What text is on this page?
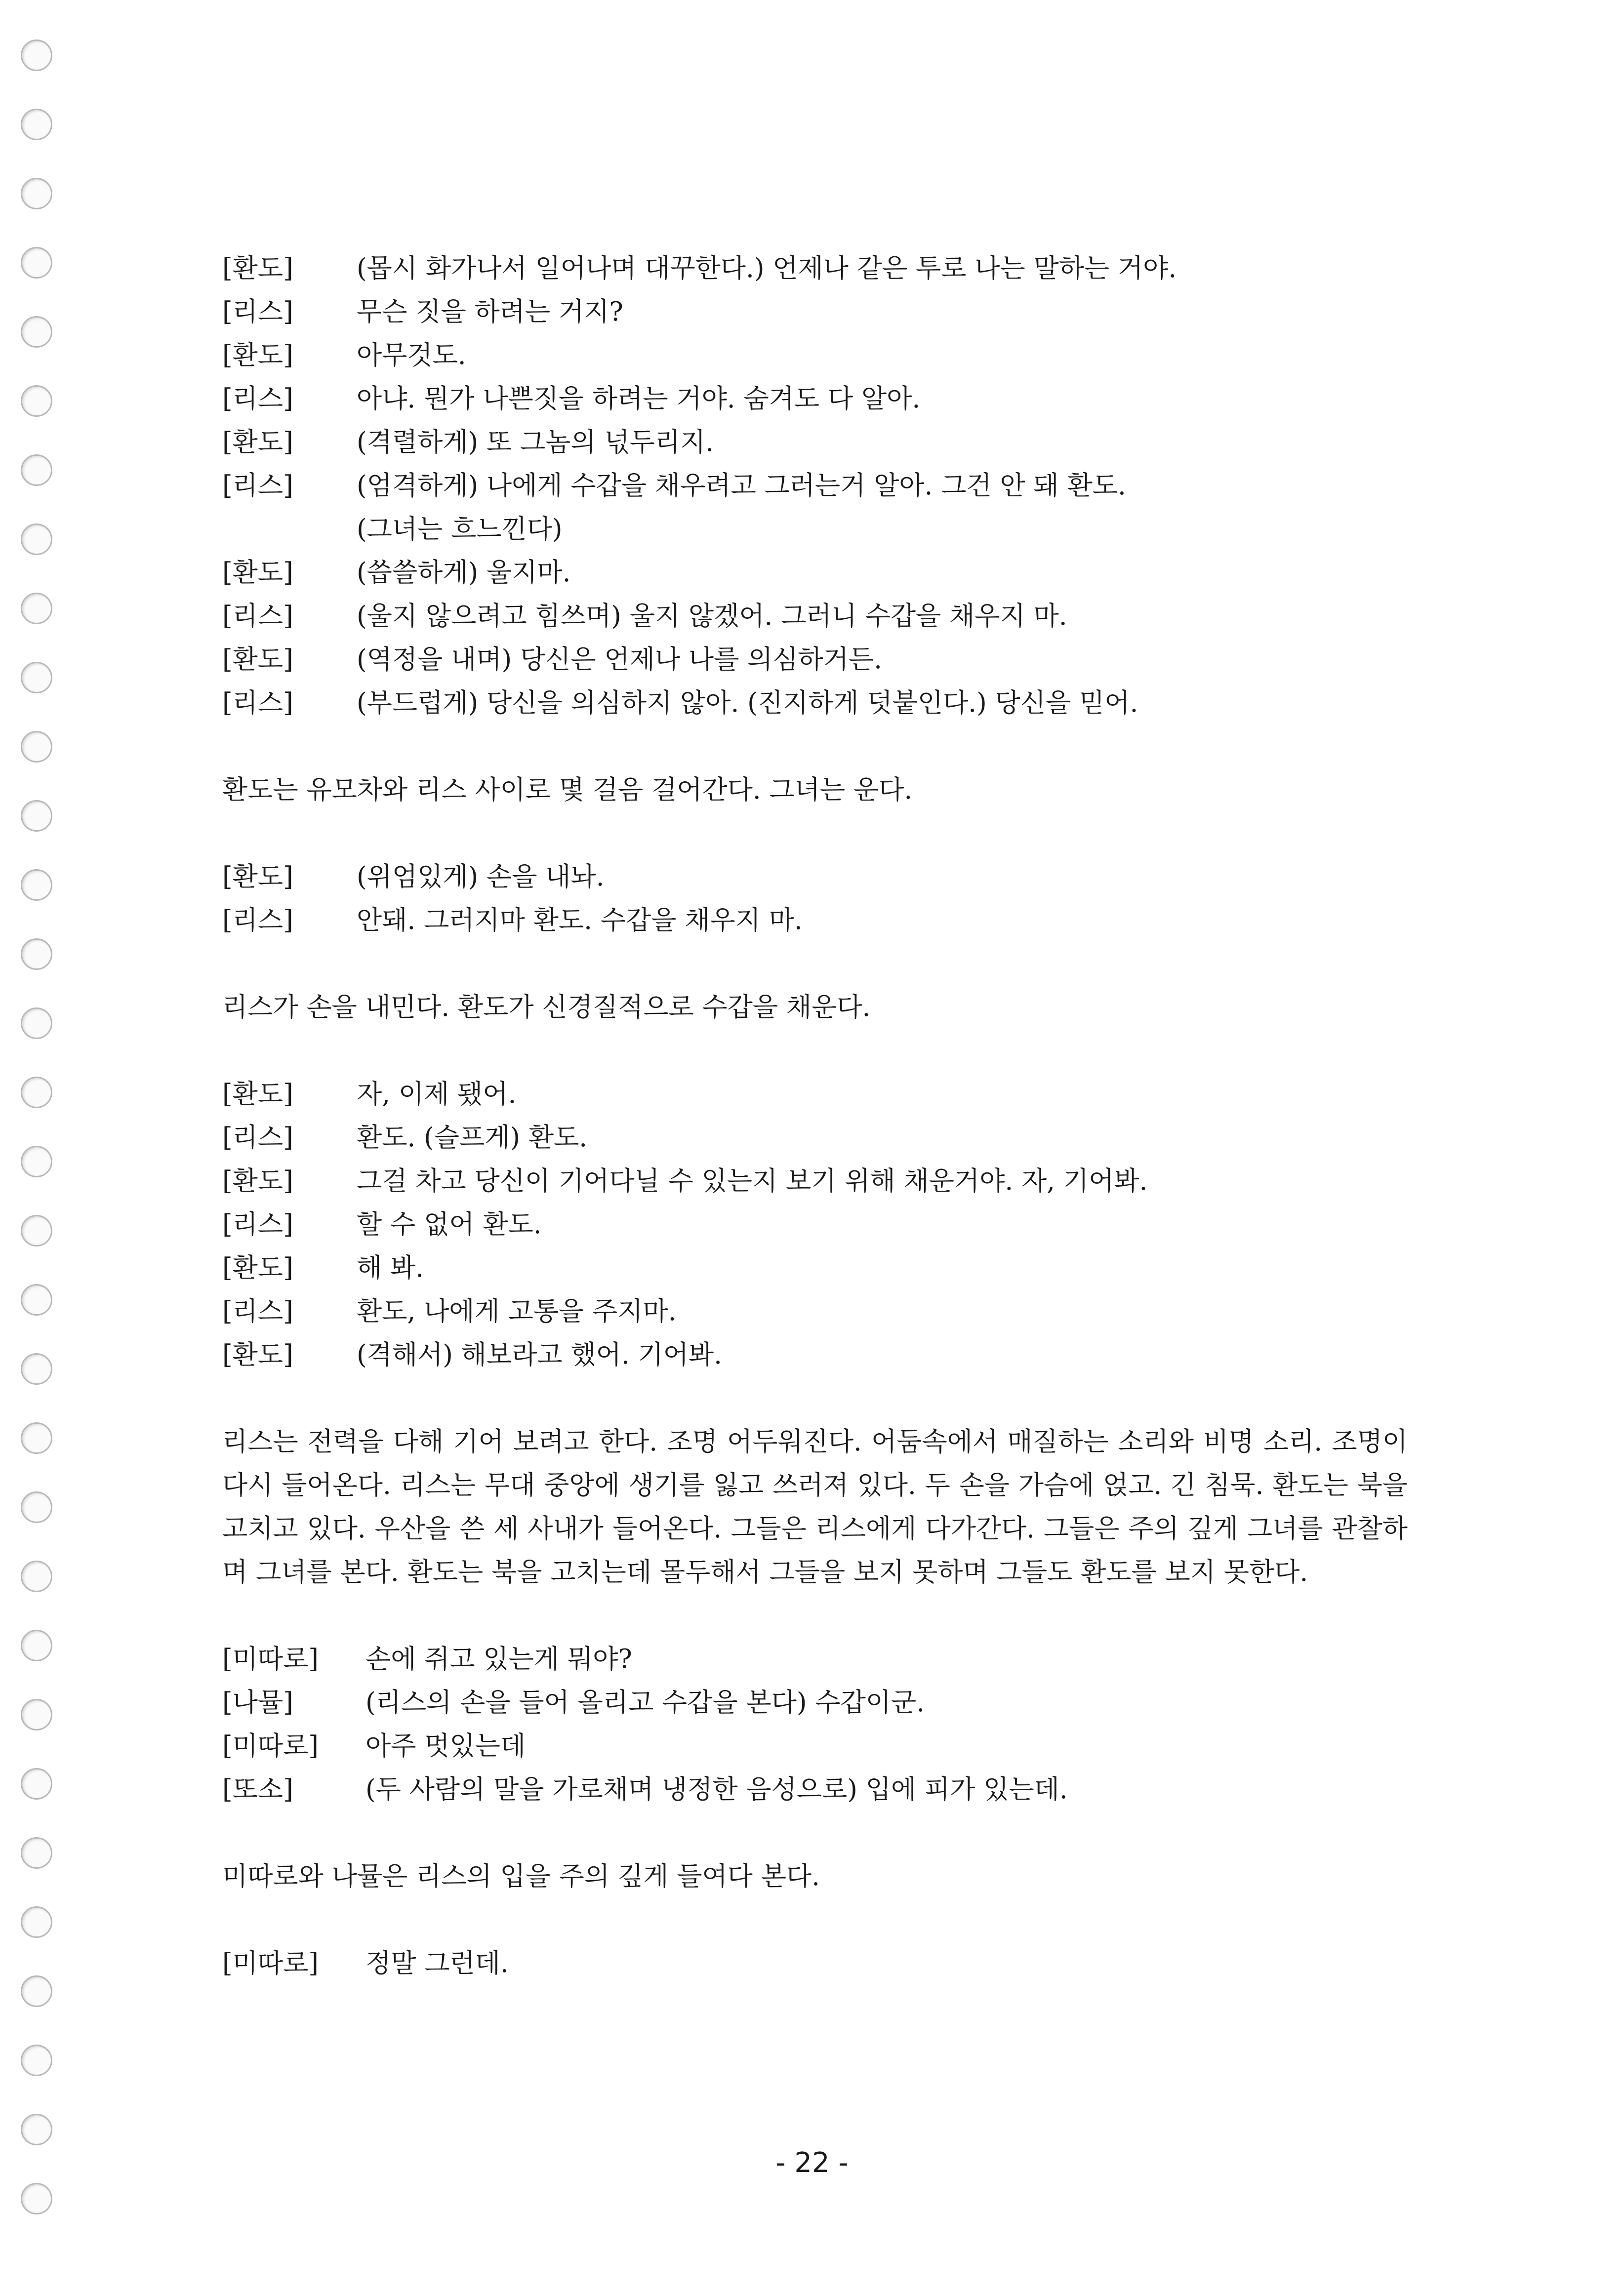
[환도]	(몹시 화가나서 일어나며 대꾸한다.) 언제나 같은 투로 나는 말하는 거야.
[리스]	무슨 짓을 하려는 거지?
[환도]	아무것도.
[리스]	아냐. 뭔가 나쁜짓을 하려는 거야. 숨겨도 다 알아.
[환도]	(격렬하게) 또 그놈의 넋두리지.
[리스]	(엄격하게) 나에게 수갑을 채우려고 그러는거 알아. 그건 안 돼 환도.
(그녀는 흐느낀다)
[환도]	(씁쓸하게) 울지마.
[리스]	(울지 않으려고 힘쓰며) 울지 않겠어. 그러니 수갑을 채우지 마.
[환도]	(역정을 내며) 당신은 언제나 나를 의심하거든.
[리스]	(부드럽게) 당신을 의심하지 않아. (진지하게 덧붙인다.) 당신을 믿어.
환도는 유모차와 리스 사이로 몇 걸음 걸어간다. 그녀는 운다.
[환도]	(위엄있게) 손을 내놔.
[리스]	안돼. 그러지마 환도. 수갑을 채우지 마.
리스가 손을 내민다. 환도가 신경질적으로 수갑을 채운다.
[환도]	자, 이제 됐어.
[리스]	환도. (슬프게) 환도.
[환도]	그걸 차고 당신이 기어다닐 수 있는지 보기 위해 채운거야. 자, 기어봐.
[리스]	할 수 없어 환도.
[환도]	해 봐.
[리스]	환도, 나에게 고통을 주지마.
[환도]	(격해서) 해보라고 했어. 기어봐.
리스는 전력을 다해 기어 보려고 한다. 조명 어두워진다. 어둠속에서 매질하는 소리와 비명 소리. 조명이 다시 들어온다. 리스는 무대 중앙에 생기를 잃고 쓰러져 있다. 두 손을 가슴에 얹고. 긴 침묵. 환도는 북을 고치고 있다. 우산을 쓴 세 사내가 들어온다. 그들은 리스에게 다가간다. 그들은 주의 깊게 그녀를 관찰하며 그녀를 본다. 환도는 북을 고치는데 몰두해서 그들을 보지 못하며 그들도 환도를 보지 못한다.
[미따로]	손에 쥐고 있는게 뭐야?
[나뮬]	(리스의 손을 들어 올리고 수갑을 본다) 수갑이군.
[미따로]	아주 멋있는데
[또소]	(두 사람의 말을 가로채며 냉정한 음성으로) 입에 피가 있는데.
미따로와 나뮬은 리스의 입을 주의 깊게 들여다 본다.
[미따로]	정말 그런데.
- 22 -
